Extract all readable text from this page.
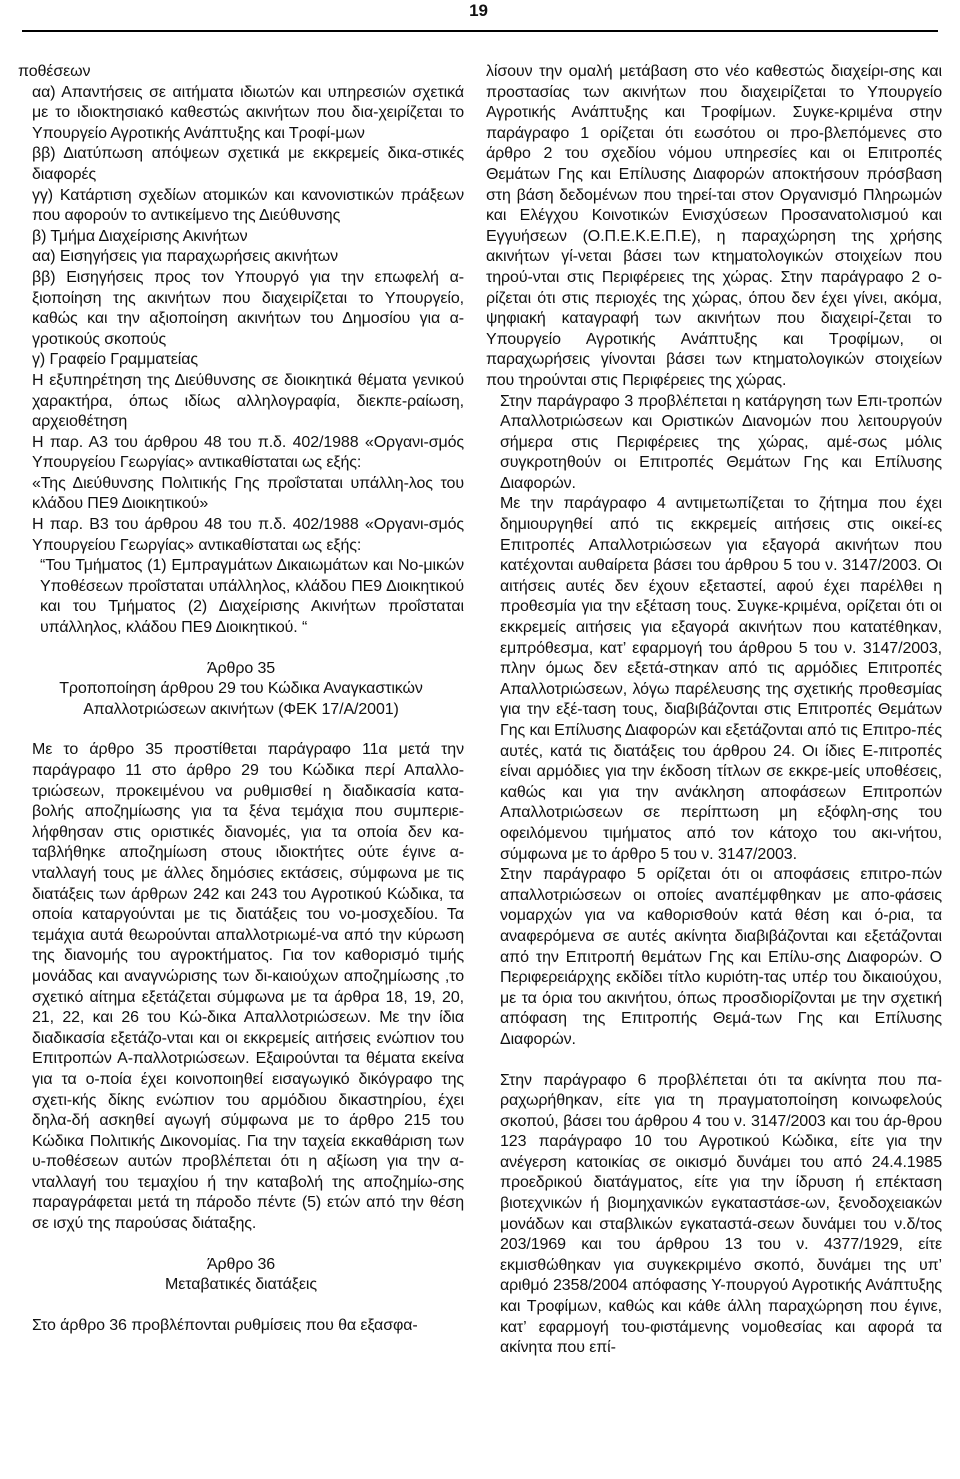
19

ποθέσεων

αα) Απαντήσεις σε αιτήματα ιδιωτών και υπηρεσιών σχετικά με το ιδιοκτησιακό καθεστώς ακινήτων που δια-χειρίζεται το Υπουργείο Αγροτικής Ανάπτυξης και Τροφί-μων

ββ) Διατύπωση απόψεων σχετικά με εκκρεμείς δικα-στικές διαφορές

γγ) Κατάρτιση σχεδίων ατομικών και κανονιστικών πράξεων που αφορούν το αντικείμενο της Διεύθυνσης

β) Τμήμα Διαχείρισης Ακινήτων

αα) Εισηγήσεις για παραχωρήσεις ακινήτων

ββ) Εισηγήσεις προς τον Υπουργό για την επωφελή α-ξιοποίηση της ακινήτων που διαχειρίζεται το Υπουργείο, καθώς και την αξιοποίηση ακινήτων του Δημοσίου για α-γροτικούς σκοπούς

γ) Γραφείο Γραμματείας

Η εξυπηρέτηση της Διεύθυνσης σε διοικητικά θέματα γενικού χαρακτήρα, όπως ιδίως αλληλογραφία, διεκπε-ραίωση, αρχειοθέτηση

Η παρ. Α3 του άρθρου 48 του π.δ. 402/1988 «Οργανι-σμός Υπουργείου Γεωργίας» αντικαθίσταται ως εξής:

«Της Διεύθυνσης Πολιτικής Γης προΐσταται υπάλλη-λος του κλάδου ΠΕ9 Διοικητικού»

Η παρ. Β3 του άρθρου 48 του π.δ. 402/1988 «Οργανι-σμός Υπουργείου Γεωργίας» αντικαθίσταται ως εξής:

“Του Τμήματος (1) Εμπραγμάτων Δικαιωμάτων και Νο-μικών Υποθέσεων προΐσταται υπάλληλος, κλάδου ΠΕ9 Διοικητικού και του Τμήματος (2) Διαχείρισης Ακινήτων προΐσταται υπάλληλος, κλάδου ΠΕ9 Διοικητικού. “

Άρθρο 35

Τροποποίηση άρθρου 29 του Κώδικα Αναγκαστικών Απαλλοτριώσεων ακινήτων (ΦΕΚ 17/Α/2001)

Με το άρθρο 35 προστίθεται παράγραφο 11α μετά την παράγραφο 11 στο άρθρο 29 του Κώδικα περί Απαλλο-τριώσεων, προκειμένου να ρυθμισθεί η διαδικασία κατα-βολής αποζημίωσης για τα ξένα τεμάχια που συμπεριε-λήφθησαν στις οριστικές διανομές, για τα οποία δεν κα-ταβλήθηκε αποζημίωση στους ιδιοκτήτες ούτε έγινε α-νταλλαγή τους με άλλες δημόσιες εκτάσεις, σύμφωνα με τις διατάξεις των άρθρων 242 και 243 του Αγροτικού Κώδικα, τα οποία καταργούνται με τις διατάξεις του νο-μοσχεδίου. Τα τεμάχια αυτά θεωρούνται απαλλοτριωμέ-να από την κύρωση της διανομής του αγροκτήματος. Για τον καθορισμό τιμής μονάδας και αναγνώρισης των δι-καιούχων αποζημίωσης ,το σχετικό αίτημα εξετάζεται σύμφωνα με τα άρθρα 18, 19, 20, 21, 22, και 26 του Κώ-δικα Απαλλοτριώσεων. Με την ίδια διαδικασία εξετάζο-νται και οι εκκρεμείς αιτήσεις ενώπιον του Επιτροπών Α-παλλοτριώσεων. Εξαιρούνται τα θέματα εκείνα για τα ο-ποία έχει κοινοποιηθεί εισαγωγικό δικόγραφο της σχετι-κής δίκης ενώπιον του αρμόδιου δικαστηρίου, έχει δηλα-δή ασκηθεί αγωγή σύμφωνα με το άρθρο 215 του Κώδικα Πολιτικής Δικονομίας. Για την ταχεία εκκαθάριση των υ-ποθέσεων αυτών προβλέπεται ότι η αξίωση για την α-νταλλαγή του τεμαχίου ή την καταβολή της αποζημίω-σης παραγράφεται μετά τη πάροδο πέντε (5) ετών από την θέση σε ισχύ της παρούσας διάταξης.

Άρθρο 36

Μεταβατικές διατάξεις

Στο άρθρο 36 προβλέπονται ρυθμίσεις που θα εξασφα-

λίσουν την ομαλή μετάβαση στο νέο καθεστώς διαχείρι-σης και προστασίας των ακινήτων που διαχειρίζεται το Υπουργείο Αγροτικής Ανάπτυξης και Τροφίμων. Συγκε-κριμένα στην παράγραφο 1 ορίζεται ότι εωσότου οι προ-βλεπόμενες στο άρθρο 2 του σχεδίου νόμου υπηρεσίες και οι Επιτροπές Θεμάτων Γης και Επίλυσης Διαφορών αποκτήσουν πρόσβαση στη βάση δεδομένων που τηρεί-ται στον Οργανισμό Πληρωμών και Ελέγχου Κοινοτικών Ενισχύσεων Προσανατολισμού και Εγγυήσεων (Ο.Π.Ε.Κ.Ε.Π.Ε), η παραχώρηση της χρήσης ακινήτων γί-νεται βάσει των κτηματολογικών στοιχείων που τηρού-νται στις Περιφέρειες της χώρας. Στην παράγραφο 2 ο-ρίζεται ότι στις περιοχές της χώρας, όπου δεν έχει γίνει, ακόμα, ψηφιακή καταγραφή των ακινήτων που διαχειρί-ζεται το Υπουργείο Αγροτικής Ανάπτυξης και Τροφίμων, οι παραχωρήσεις γίνονται βάσει των κτηματολογικών στοιχείων που τηρούνται στις Περιφέρειες της χώρας.

Στην παράγραφο 3 προβλέπεται η κατάργηση των Επι-τροπών Απαλλοτριώσεων και Οριστικών Διανομών που λειτουργούν σήμερα στις Περιφέρειες της χώρας, αμέ-σως μόλις συγκροτηθούν οι Επιτροπές Θεμάτων Γης και Επίλυσης Διαφορών.

Με την παράγραφο 4 αντιμετωπίζεται το ζήτημα που έχει δημιουργηθεί από τις εκκρεμείς αιτήσεις στις οικεί-ες Επιτροπές Απαλλοτριώσεων για εξαγορά ακινήτων που κατέχονται αυθαίρετα βάσει του άρθρου 5 του ν. 3147/2003. Οι αιτήσεις αυτές δεν έχουν εξεταστεί, αφού έχει παρέλθει η προθεσμία για την εξέταση τους. Συγκε-κριμένα, ορίζεται ότι οι εκκρεμείς αιτήσεις για εξαγορά ακινήτων που κατατέθηκαν, εμπρόθεσμα, κατ’ εφαρμογή του άρθρου 5 του ν. 3147/2003, πλην όμως δεν εξετά-στηκαν από τις αρμόδιες Επιτροπές Απαλλοτριώσεων, λόγω παρέλευσης της σχετικής προθεσμίας για την εξέ-ταση τους, διαβιβάζονται στις Επιτροπές Θεμάτων Γης και Επίλυσης Διαφορών και εξετάζονται από τις Επιτρο-πές αυτές, κατά τις διατάξεις του άρθρου 24. Οι ίδιες Ε-πιτροπές είναι αρμόδιες για την έκδοση τίτλων σε εκκρε-μείς υποθέσεις, καθώς και για την ανάκληση αποφάσεων Επιτροπών Απαλλοτριώσεων σε περίπτωση μη εξόφλη-σης του οφειλόμενου τιμήματος από τον κάτοχο του ακι-νήτου, σύμφωνα με το άρθρο 5 του ν. 3147/2003.

Στην παράγραφο 5 ορίζεται ότι οι αποφάσεις επιτρο-πών απαλλοτριώσεων οι οποίες αναπέμφθηκαν με απο-φάσεις νομαρχών για να καθορισθούν κατά θέση και ό-ρια, τα αναφερόμενα σε αυτές ακίνητα διαβιβάζονται και εξετάζονται από την Επιτροπή θεμάτων Γης και Επίλυ-σης Διαφορών. Ο Περιφερειάρχης εκδίδει τίτλο κυριότη-τας υπέρ του δικαιούχου, με τα όρια του ακινήτου, όπως προσδιορίζονται με την σχετική απόφαση της Επιτροπής Θεμά-των Γης και Επίλυσης Διαφορών.

Στην παράγραφο 6 προβλέπεται ότι τα ακίνητα που πα-ραχωρήθηκαν, είτε για τη πραγματοποίηση κοινωφελούς σκοπού, βάσει του άρθρου 4 του ν. 3147/2003 και του άρ-θρου 123 παράγραφο 10 του Αγροτικού Κώδικα, είτε για την ανέγερση κατοικίας σε οικισμό δυνάμει του από 24.4.1985 προεδρικού διατάγματος, είτε για την ίδρυση ή επέκταση βιοτεχνικών ή βιομηχανικών εγκαταστάσε-ων, ξενοδοχειακών μονάδων και σταβλικών εγκαταστά-σεων δυνάμει του ν.δ/τος 203/1969 και του άρθρου 13 του ν. 4377/1929, είτε εκμισθώθηκαν για συγκεκριμένο σκοπό, δυνάμει της υπ’ αριθμό 2358/2004 απόφασης Υ-πουργού Αγροτικής Ανάπτυξης και Τροφίμων, καθώς και κάθε άλλη παραχώρηση που έγινε, κατ’ εφαρμογή του-φιστάμενης νομοθεσίας και αφορά τα ακίνητα που επί-
